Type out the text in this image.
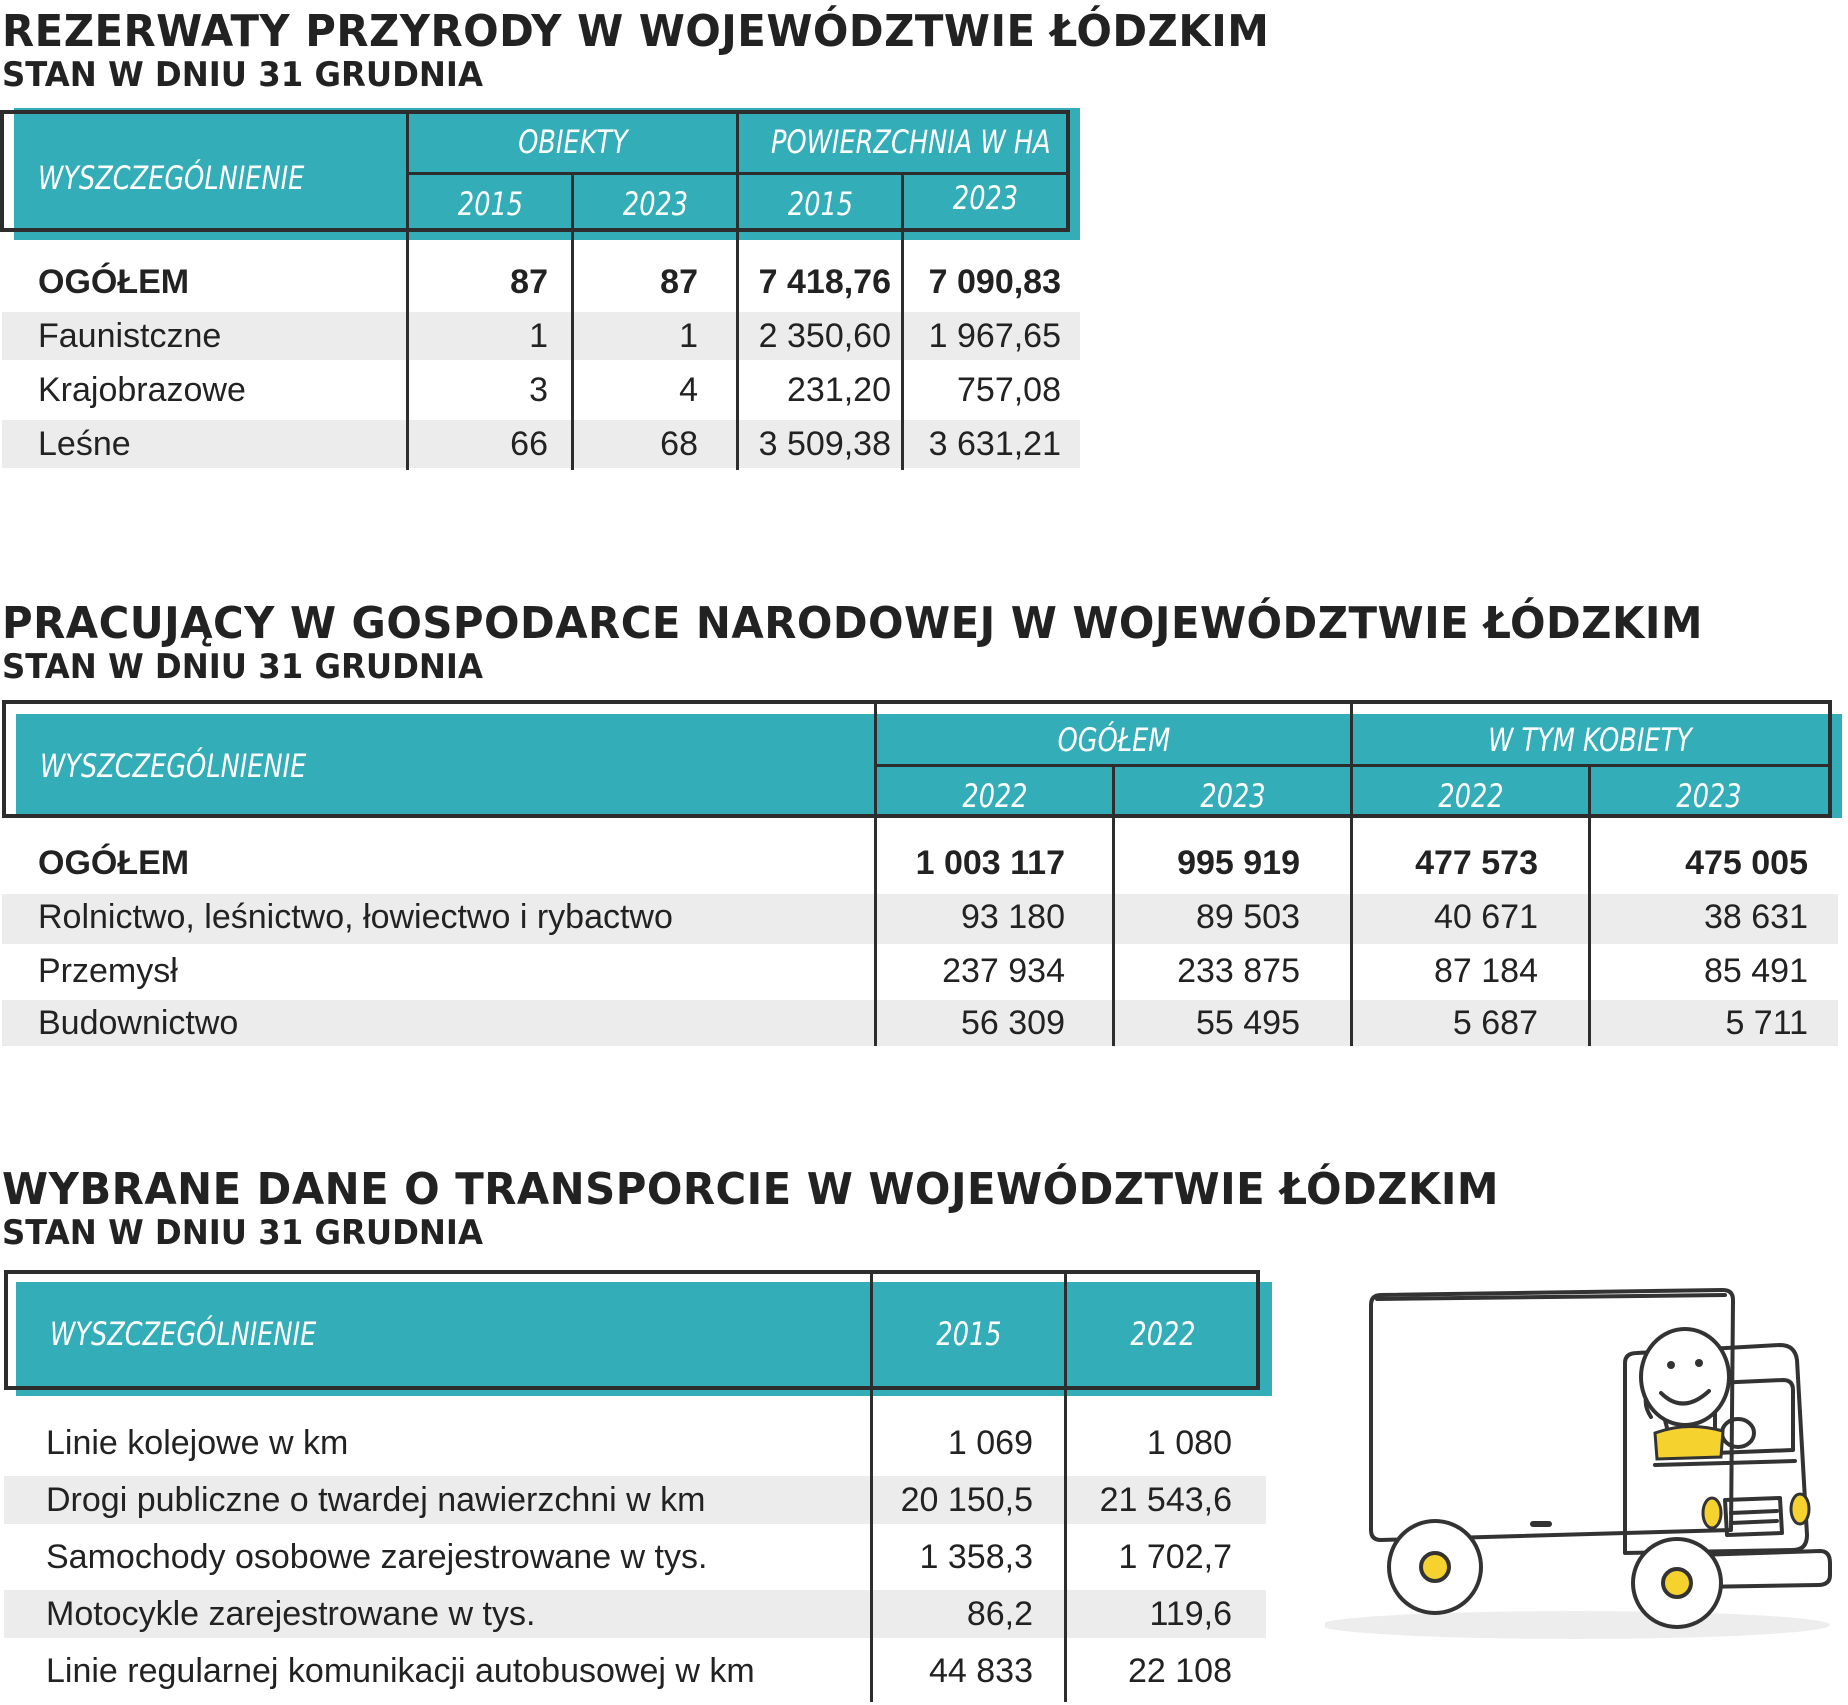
REZERWATY PRZYRODY W WOJEWÓDZTWIE ŁÓDZKIM
STAN W DNIU 31 GRUDNIA
WYSZCZEGÓLNIENIE
OBIEKTY	POWIERZCHNIA W HA
2015	2023	2015	2023
OGÓŁEM	87	87	7 418,76	7 090,83
Faunistczne	1	1	2 350,60	1 967,65
Krajobrazowe	3	4	231,20	757,08
Leśne	66	68	3 509,38	3 631,21
PRACUJĄCY W GOSPODARCE NARODOWEJ W WOJEWÓDZTWIE ŁÓDZKIM
STAN W DNIU 31 GRUDNIA
WYSZCZEGÓLNIENIE
OGÓŁEM	W TYM KOBIETY
2022	2023	2022	2023
OGÓŁEM	1 003 117	995 919	477 573	475 005
Rolnictwo, leśnictwo, łowiectwo i rybactwo	93 180	89 503	40 671	38 631
Przemysł	237 934	233 875	87 184	85 491
Budownictwo	56 309	55 495	5 687	5 711
WYBRANE DANE O TRANSPORCIE W WOJEWÓDZTWIE ŁÓDZKIM
STAN W DNIU 31 GRUDNIA
WYSZCZEGÓLNIENIE	2015	2022
Linie kolejowe w km	1 069	1 080
Drogi publiczne o twardej nawierzchni w km	20 150,5	21 543,6
Samochody osobowe zarejestrowane w tys.	1 358,3	1 702,7
Motocykle zarejestrowane w tys.	86,2	119,6
Linie regularnej komunikacji autobusowej w km	44 833	22 108
